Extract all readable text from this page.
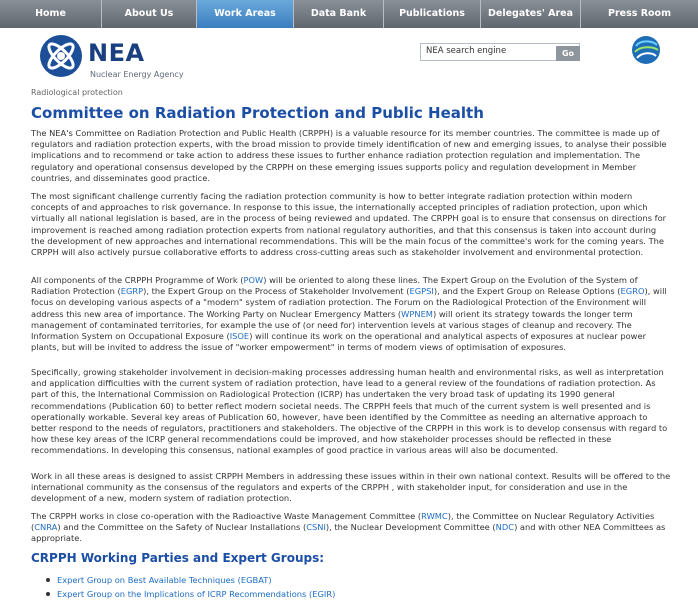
Home	About Us	Work Areas	Data Bank	Publications	Delegates' Area	Press Room
NEA
Nuclear Energy Agency
NEA search engine	Go
Radiological protection
Committee on Radiation Protection and Public Health
The NEA's Committee on Radiation Protection and Public Health (CRPPH) is a valuable resource for its member countries. The committee is made up of regulators and radiation protection experts, with the broad mission to provide timely identification of new and emerging issues, to analyse their possible implications and to recommend or take action to address these issues to further enhance radiation protection regulation and implementation. The regulatory and operational consensus developed by the CRPPH on these emerging issues supports policy and regulation development in Member countries, and disseminates good practice.
The most significant challenge currently facing the radiation protection community is how to better integrate radiation protection within modern concepts of and approaches to risk governance. In response to this issue, the internationally accepted principles of radiation protection, upon which virtually all national legislation is based, are in the process of being reviewed and updated. The CRPPH goal is to ensure that consensus on directions for improvement is reached among radiation protection experts from national regulatory authorities, and that this consensus is taken into account during the development of new approaches and international recommendations. This will be the main focus of the committee's work for the coming years. The CRPPH will also actively pursue collaborative efforts to address cross-cutting areas such as stakeholder involvement and environmental protection.
All components of the CRPPH Programme of Work (POW) will be oriented to along these lines. The Expert Group on the Evolution of the System of Radiation Protection (EGRP), the Expert Group on the Process of Stakeholder Involvement (EGPSI), and the Expert Group on Release Options (EGRO), will focus on developing various aspects of a "modern" system of radiation protection. The Forum on the Radiological Protection of the Environment will address this new area of importance. The Working Party on Nuclear Emergency Matters (WPNEM) will orient its strategy towards the longer term management of contaminated territories, for example the use of (or need for) intervention levels at various stages of cleanup and recovery. The Information System on Occupational Exposure (ISOE) will continue its work on the operational and analytical aspects of exposures at nuclear power plants, but will be invited to address the issue of "worker empowerment" in terms of modern views of optimisation of exposures.
Specifically, growing stakeholder involvement in decision-making processes addressing human health and environmental risks, as well as interpretation and application difficulties with the current system of radiation protection, have lead to a general review of the foundations of radiation protection. As part of this, the International Commission on Radiological Protection (ICRP) has undertaken the very broad task of updating its 1990 general recommendations (Publication 60) to better reflect modern societal needs. The CRPPH feels that much of the current system is well presented and is operationally workable. Several key areas of Publication 60, however, have been identified by the Committee as needing an alternative approach to better respond to the needs of regulators, practitioners and stakeholders. The objective of the CRPPH in this work is to develop consensus with regard to how these key areas of the ICRP general recommendations could be improved, and how stakeholder processes should be reflected in these recommendations. In developing this consensus, national examples of good practice in various areas will also be documented.
Work in all these areas is designed to assist CRPPH Members in addressing these issues within in their own national context. Results will be offered to the international community as the consensus of the regulators and experts of the CRPPH , with stakeholder input, for consideration and use in the development of a new, modern system of radiation protection.
The CRPPH works in close co-operation with the Radioactive Waste Management Committee (RWMC), the Committee on Nuclear Regulatory Activities (CNRA) and the Committee on the Safety of Nuclear Installations (CSNI), the Nuclear Development Committee (NDC) and with other NEA Committees as appropriate.
CRPPH Working Parties and Expert Groups:
Expert Group on Best Available Techniques (EGBAT)
Expert Group on the Implications of ICRP Recommendations (EGIR)
